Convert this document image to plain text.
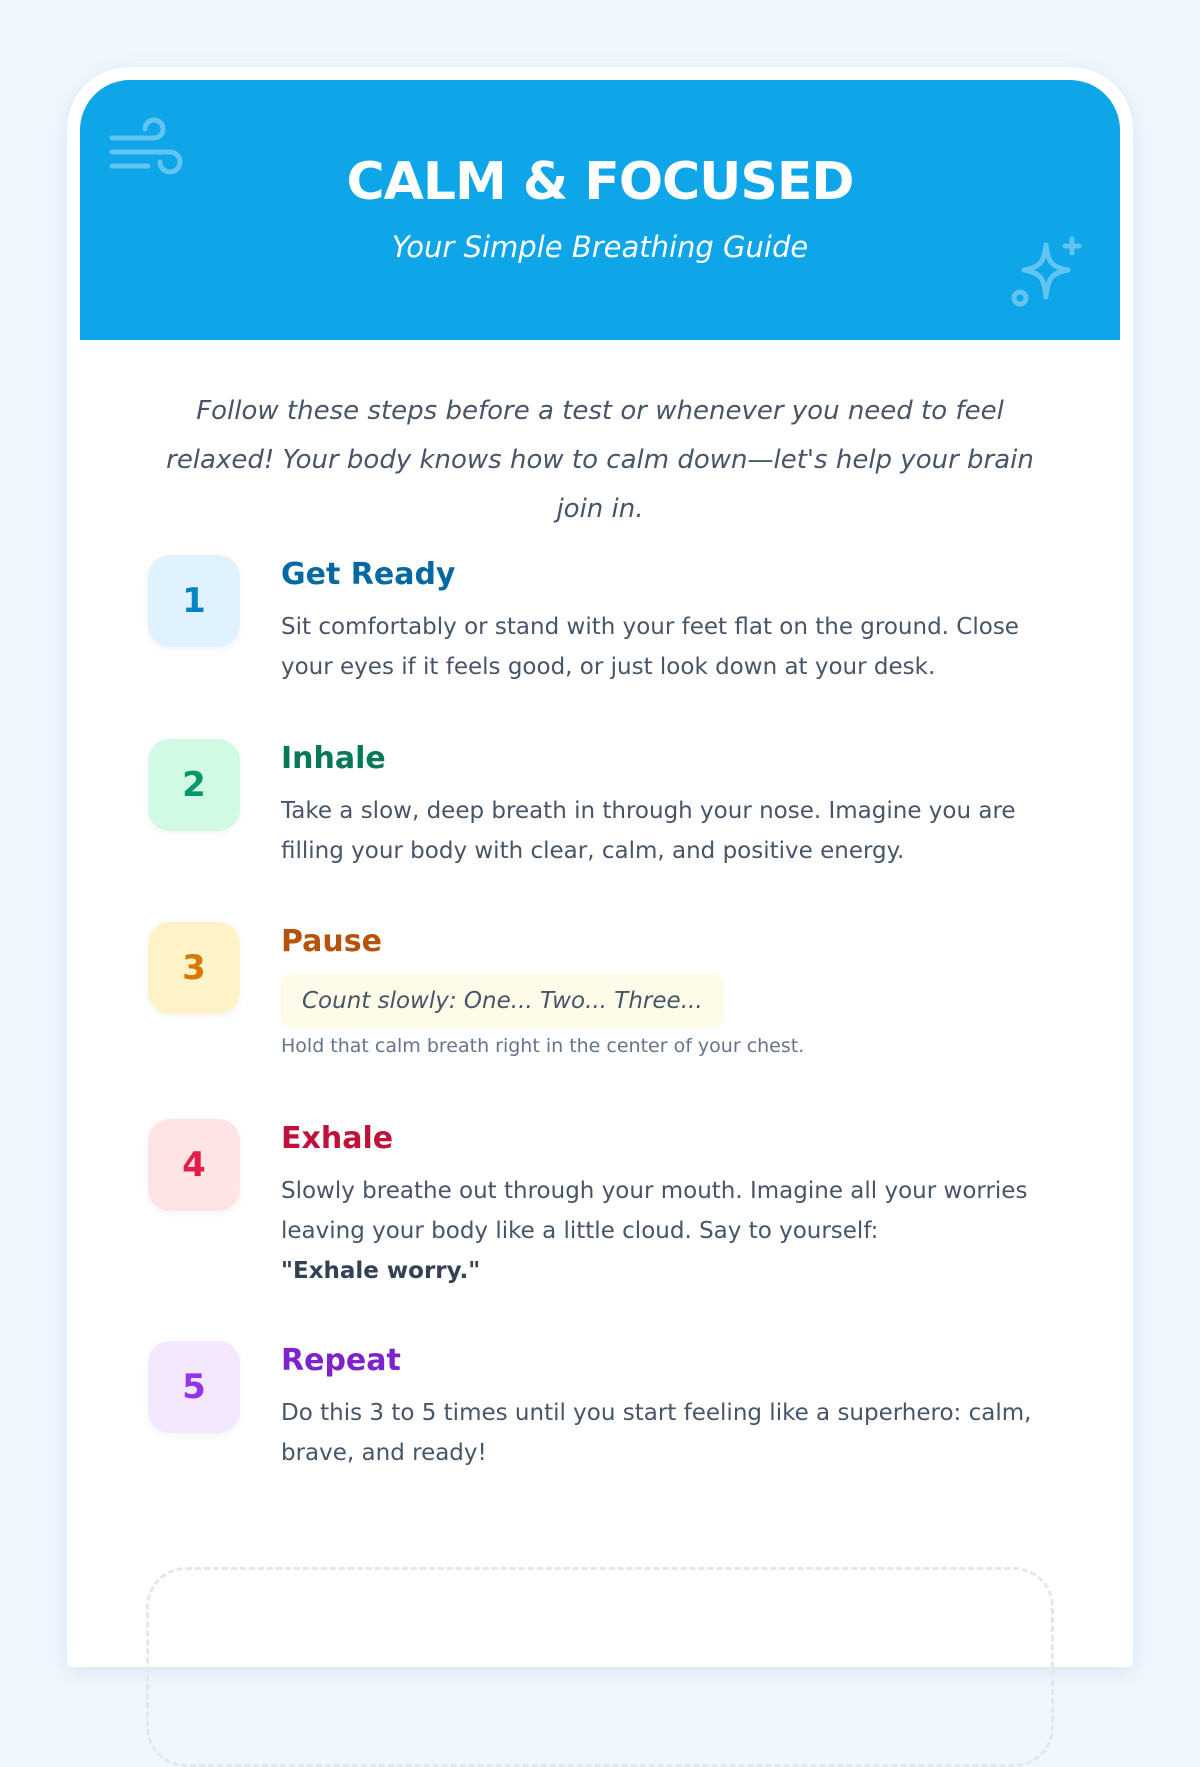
CALM & FOCUSED
Your Simple Breathing Guide
Follow these steps before a test or whenever you need to feel relaxed! Your body knows how to calm down—let's help your brain join in.
1
Get Ready
Sit comfortably or stand with your feet flat on the ground. Close your eyes if it feels good, or just look down at your desk.
2
Inhale
Take a slow, deep breath in through your nose. Imagine you are filling your body with clear, calm, and positive energy.
3
Pause
Count slowly: One... Two... Three...
Hold that calm breath right in the center of your chest.
4
Exhale
Slowly breathe out through your mouth. Imagine all your worries leaving your body like a little cloud. Say to yourself:
"Exhale worry."
5
Repeat
Do this 3 to 5 times until you start feeling like a superhero: calm, brave, and ready!
